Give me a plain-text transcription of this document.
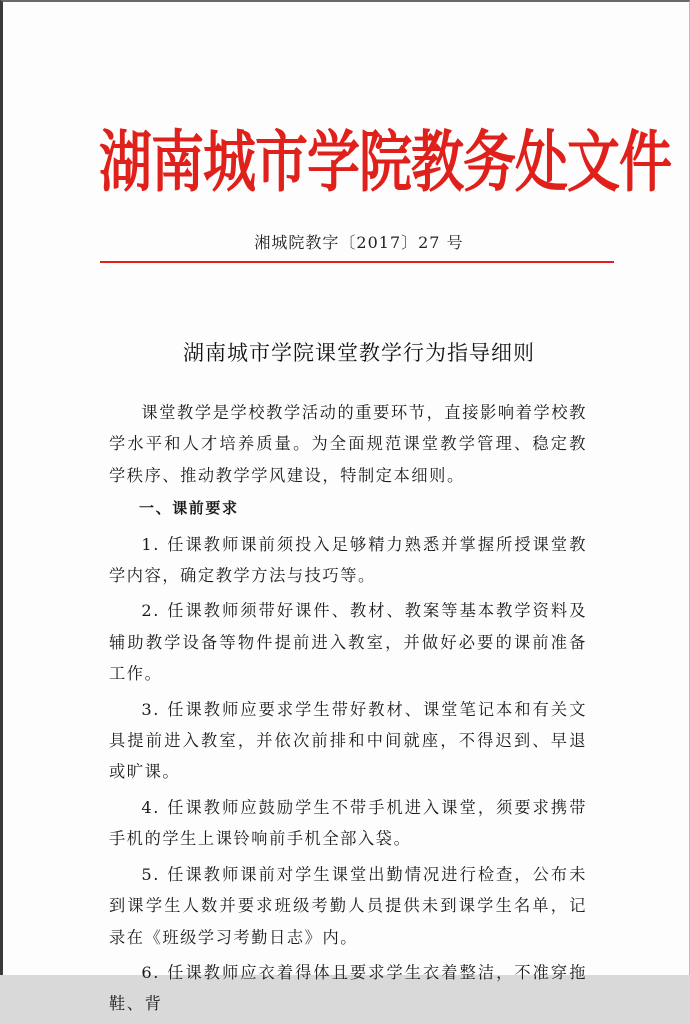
湖南城市学院教务处文件
湘城院教字〔2017〕27 号
湖南城市学院课堂教学行为指导细则

课堂教学是学校教学活动的重要环节，直接影响着学校教学水平和人才培养质量。为全面规范课堂教学管理、稳定教学秩序、推动教学学风建设，特制定本细则。

一、课前要求

1. 任课教师课前须投入足够精力熟悉并掌握所授课堂教学内容，确定教学方法与技巧等。

2. 任课教师须带好课件、教材、教案等基本教学资料及辅助教学设备等物件提前进入教室，并做好必要的课前准备工作。

3. 任课教师应要求学生带好教材、课堂笔记本和有关文具提前进入教室，并依次前排和中间就座，不得迟到、早退或旷课。

4. 任课教师应鼓励学生不带手机进入课堂，须要求携带手机的学生上课铃响前手机全部入袋。

5. 任课教师课前对学生课堂出勤情况进行检查，公布未到课学生人数并要求班级考勤人员提供未到课学生名单，记录在《班级学习考勤日志》内。

6. 任课教师应衣着得体且要求学生衣着整洁，不准穿拖鞋、背
